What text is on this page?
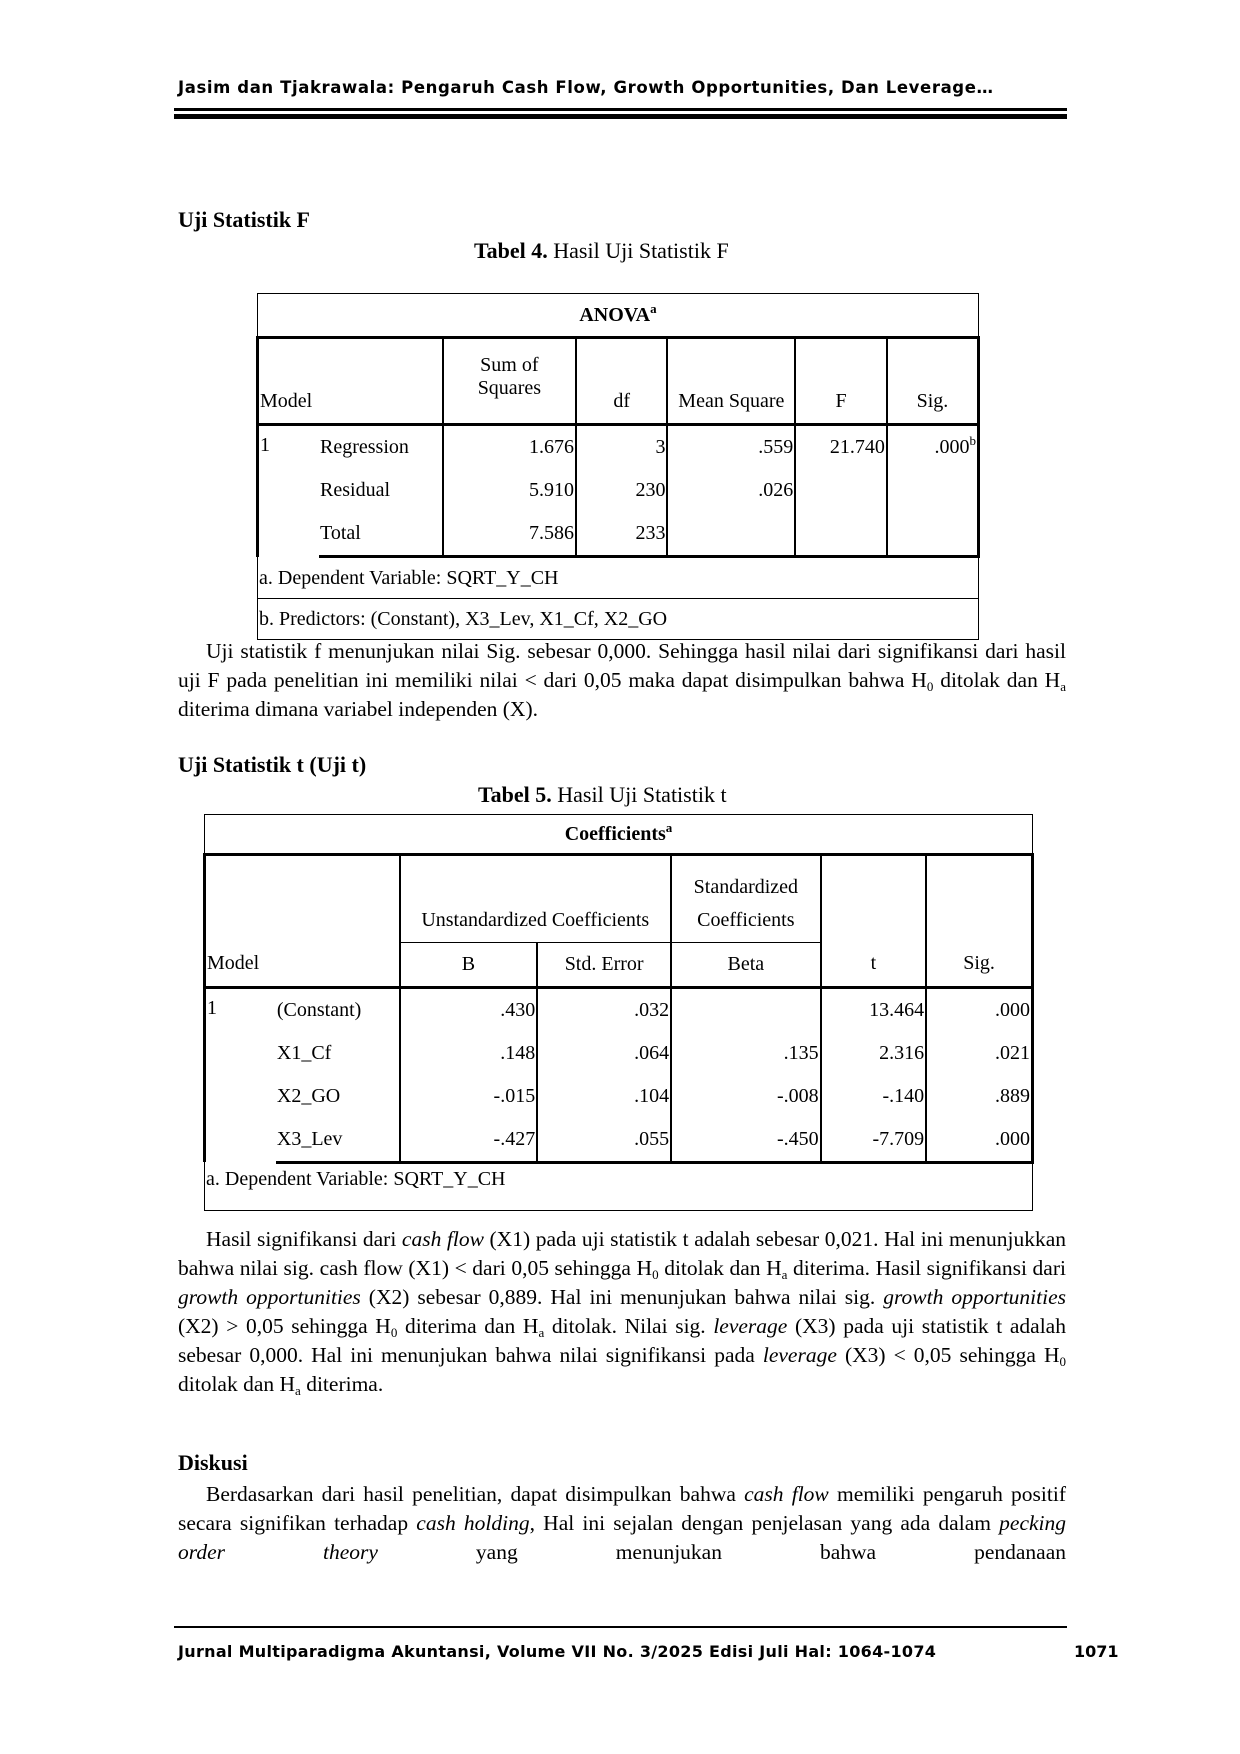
Jasim dan Tjakrawala: Pengaruh Cash Flow, Growth Opportunities, Dan Leverage…
Uji Statistik F
Tabel 4. Hasil Uji Statistik F
ANOVA$^a$
Model		Sum of	df	Mean Square	F	Sig.
		Squares				
1	Regression	1.676	3	.559	21.740	.000$^b$
	Residual	5.910	230	.026		
	Total	7.586	233			
a. Dependent Variable: SQRT_Y_CH						
b. Predictors: (Constant), X3_Lev, X1_Cf, X2_GO						
Uji statistik f menunjukan nilai Sig. sebesar 0,000. Sehingga hasil nilai dari signifikansi dari hasil uji F pada penelitian ini memiliki nilai < dari 0,05 maka dapat disimpulkan bahwa $H_0$ ditolak dan $H_a$ diterima dimana variabel independen (X).
Uji Statistik t (Uji t)
Tabel 5. Hasil Uji Statistik t
Coefficients$^a$
				Standardized		
		Unstandardized Coefficients		Coefficients		
Model		B	Std. Error	Beta	t	Sig.
1	(Constant)	.430	.032		13.464	.000
	X1_Cf	.148	.064	.135	2.316	.021
	X2_GO	-.015	.104	-.008	-.140	.889
	X3_Lev	-.427	.055	-.450	-7.709	.000
a. Dependent Variable: SQRT_Y_CH						
Hasil signifikansi dari cash flow (X1) pada uji statistik t adalah sebesar 0,021. Hal ini menunjukkan bahwa nilai sig. cash flow (X1) < dari 0,05 sehingga $H_0$ ditolak dan $H_a$ diterima. Hasil signifikansi dari growth opportunities (X2) sebesar 0,889. Hal ini menunjukan bahwa nilai sig. growth opportunities (X2) > 0,05 sehingga $H_0$ diterima dan $H_a$ ditolak. Nilai sig. leverage (X3) pada uji statistik t adalah sebesar 0,000. Hal ini menunjukan bahwa nilai signifikansi pada leverage (X3) < 0,05 sehingga $H_0$ ditolak dan $H_a$ diterima.
Diskusi
Berdasarkan dari hasil penelitian, dapat disimpulkan bahwa cash flow memiliki pengaruh positif secara signifikan terhadap cash holding, Hal ini sejalan dengan penjelasan yang ada dalam pecking order theory yang menunjukan bahwa pendanaan
Jurnal Multiparadigma Akuntansi, Volume VII No. 3/2025 Edisi Juli Hal: 1064-1074	1071
